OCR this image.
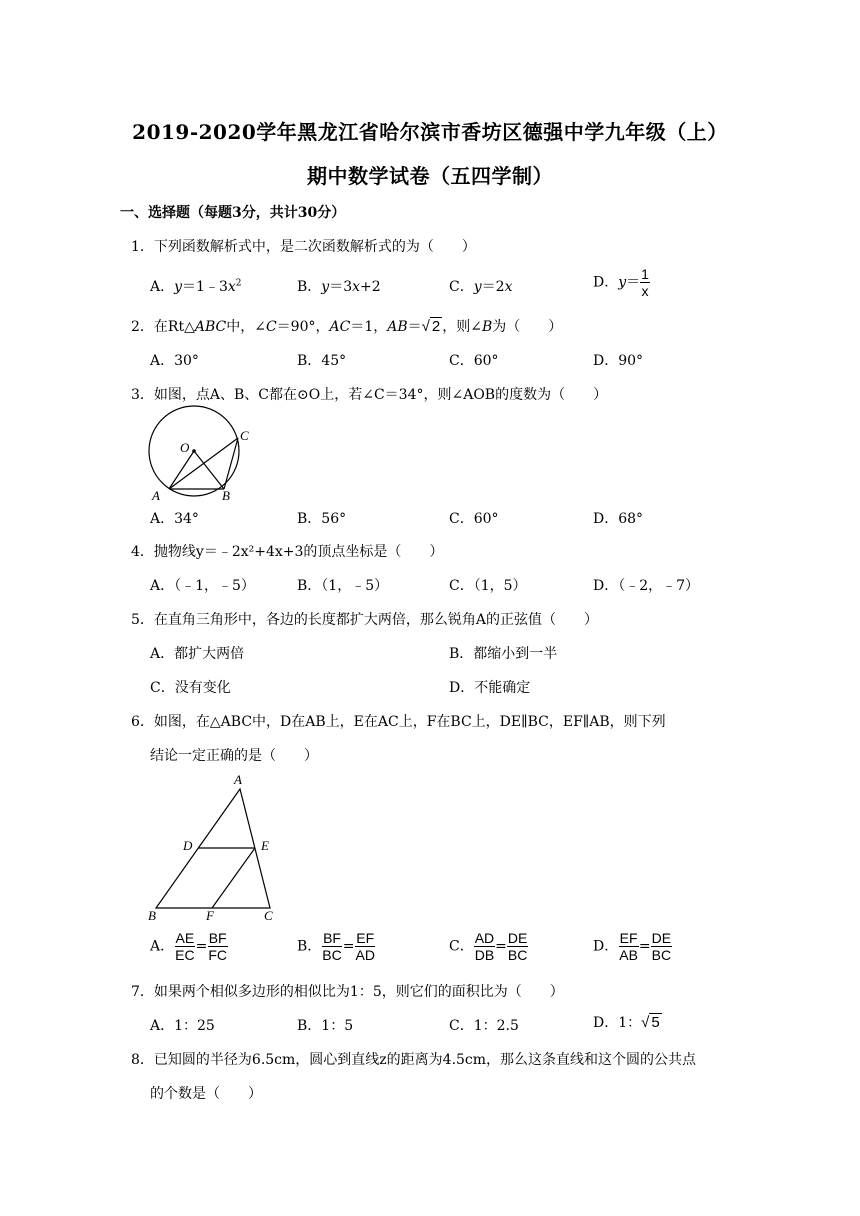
2019-2020学年黑龙江省哈尔滨市香坊区德强中学九年级（上）
期中数学试卷（五四学制）
一、选择题（每题3分，共计30分）
1．下列函数解析式中，是二次函数解析式的为（　　）
A．$y=1﹣3x^2$	B．y＝3x+2	C．y＝2x	D．$y= \frac{1}{x}$
2．在Rt△ABC中，∠C＝90°，AC＝1，AB＝√ 2 ，则∠B为（　　）
A．30°	B．45°	C．60°	D．90°
3．如图，点A、B、C都在⊙O上，若∠C＝34°，则∠AOB的度数为（　　）
O
A	B
C
A．34°	B．56°	C．60°	D．68°
4．抛物线y＝﹣2x²+4x+3的顶点坐标是（　　）
A．（﹣1，﹣5）	B．（1，﹣5）	C．（1，5）	D．（﹣2，﹣7）
5．在直角三角形中，各边的长度都扩大两倍，那么锐角A的正弦值（　　）
A．都扩大两倍	B．都缩小到一半
C．没有变化	D．不能确定
6．如图，在△ABC中，D在AB上，E在AC上，F在BC上，DE∥BC，EF∥AB，则下列
结论一定正确的是（　　）
A
D	E
B	F	C
A． $\frac{AE}{EC} = \frac{BF}{FC}$	B． $\frac{BF}{BC} = \frac{EF}{AD}$	C． $\frac{AD}{DB} = \frac{DE}{BC}$	D． $\frac{EF}{AB} = \frac{DE}{BC}$
7．如果两个相似多边形的相似比为1：5，则它们的面积比为（　　）
A．1：25	B．1：5	C．1：2.5	D．1：√ 5
8．已知圆的半径为6.5cm，圆心到直线z的距离为4.5cm，那么这条直线和这个圆的公共点
的个数是（　　）
